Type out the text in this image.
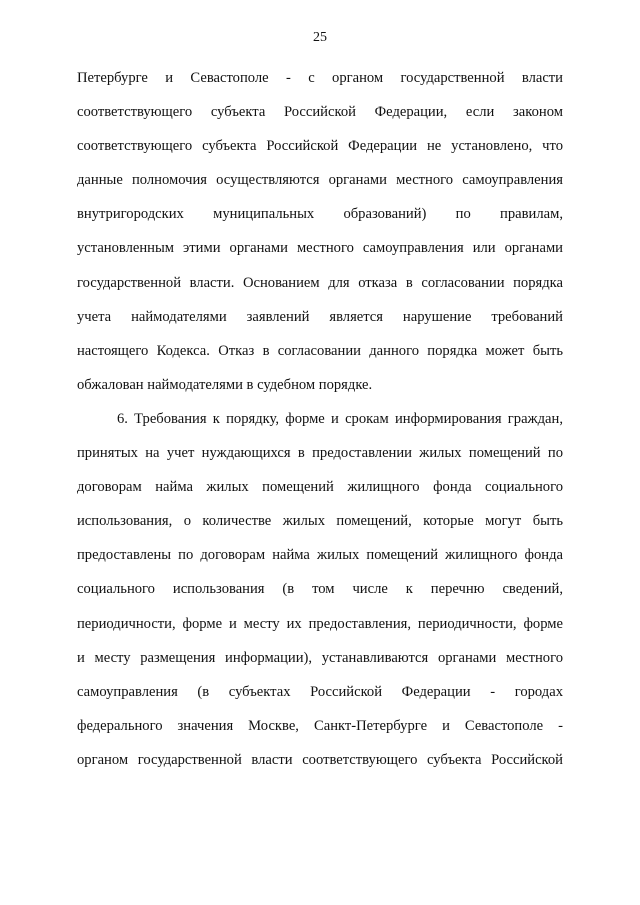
25
Петербурге и Севастополе - с органом государственной власти
соответствующего субъекта Российской Федерации, если законом
соответствующего субъекта Российской Федерации не установлено, что
данные полномочия осуществляются органами местного самоуправления
внутригородских муниципальных образований) по правилам,
установленным этими органами местного самоуправления или органами
государственной власти. Основанием для отказа в согласовании порядка
учета наймодателями заявлений является нарушение требований
настоящего Кодекса. Отказ в согласовании данного порядка может быть
обжалован наймодателями в судебном порядке.
6. Требования к порядку, форме и срокам информирования граждан,
принятых на учет нуждающихся в предоставлении жилых помещений по
договорам найма жилых помещений жилищного фонда социального
использования, о количестве жилых помещений, которые могут быть
предоставлены по договорам найма жилых помещений жилищного фонда
социального использования (в том числе к перечню сведений,
периодичности, форме и месту их предоставления, периодичности, форме
и месту размещения информации), устанавливаются органами местного
самоуправления (в субъектах Российской Федерации - городах
федерального значения Москве, Санкт-Петербурге и Севастополе -
органом государственной власти соответствующего субъекта Российской
